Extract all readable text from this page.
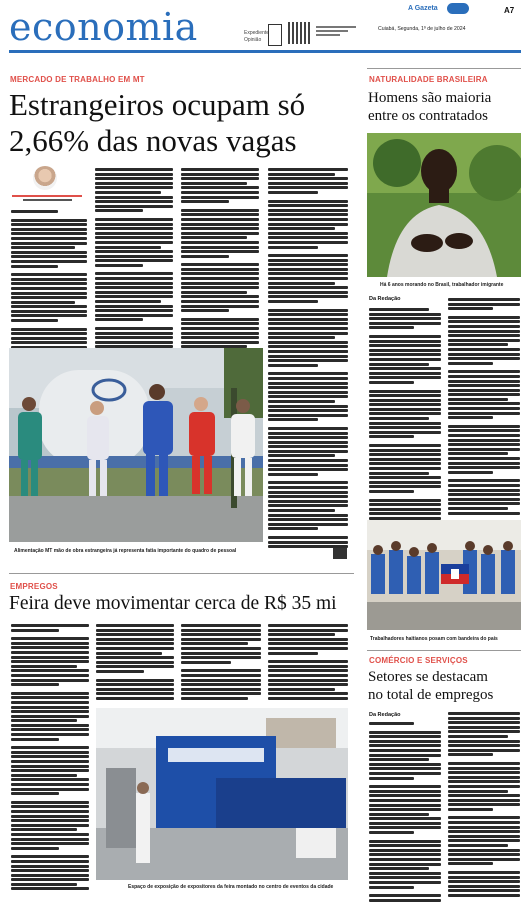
economia	Expediente
Opinião
A Gazeta	A7
Cuiabá, Segunda, 1º de julho de 2024
MERCADO DE TRABALHO EM MT
Estrangeiros ocupam só
2,66% das novas vagas
Alimentação MT mão de obra estrangeira já representa fatia importante do quadro de pessoal
EMPREGOS
Feira deve movimentar cerca de R$ 35 mi
Espaço de exposição de expositores da feira montado no centro de eventos da cidade
NATURALIDADE BRASILEIRA
Homens são maioria
entre os contratados
Há 6 anos morando no Brasil, trabalhador imigrante
Da Redação
Trabalhadores haitianos posam com bandeira do país
COMÉRCIO E SERVIÇOS
Setores se destacam
no total de empregos
Da Redação
